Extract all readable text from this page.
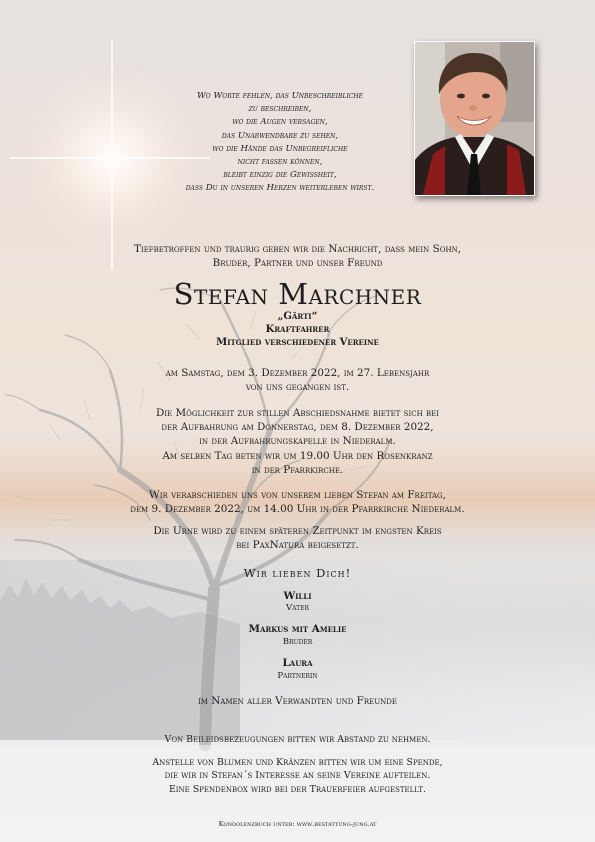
Wo Worte fehlen, das Unbeschreibliche
zu beschreiben,
wo die Augen versagen,
das Unabwendbare zu sehen,
wo die Hände das Unbegreifliche
nicht fassen können,
bleibt einzig die Gewissheit,
dass Du in unseren Herzen weiterleben wirst.
Tiefbetroffen und traurig geben wir die Nachricht, dass mein Sohn,
Bruder, Partner und unser Freund
Stefan Marchner
„Gärti“
Kraftfahrer
Mitglied verschiedener Vereine
am Samstag, dem 3. Dezember 2022, im 27. Lebensjahr
von uns gegangen ist.
Die Möglichkeit zur stillen Abschiedsnahme bietet sich bei
der Aufbahrung am Donnerstag, dem 8. Dezember 2022,
in der Aufbahrungskapelle in Niederalm.
Am selben Tag beten wir um 19.00 Uhr den Rosenkranz
in der Pfarrkirche.
Wir verabschieden uns von unserem lieben Stefan am Freitag,
dem 9. Dezember 2022, um 14.00 Uhr in der Pfarrkirche Niederalm.
Die Urne wird zu einem späteren Zeitpunkt im engsten Kreis
bei PaxNatura beigesetzt.
Wir lieben Dich!
Willi
Vater
Markus mit Amelie
Bruder
Laura
Partnerin
im Namen aller Verwandten und Freunde
Von Beileidsbezeugungen bitten wir Abstand zu nehmen.
Anstelle von Blumen und Kränzen bitten wir um eine Spende,
die wir in Stefan´s Interesse an seine Vereine aufteilen.
Eine Spendenbox wird bei der Trauerfeier aufgestellt.
Kondolenzbuch unter: www.bestattung-jung.at
